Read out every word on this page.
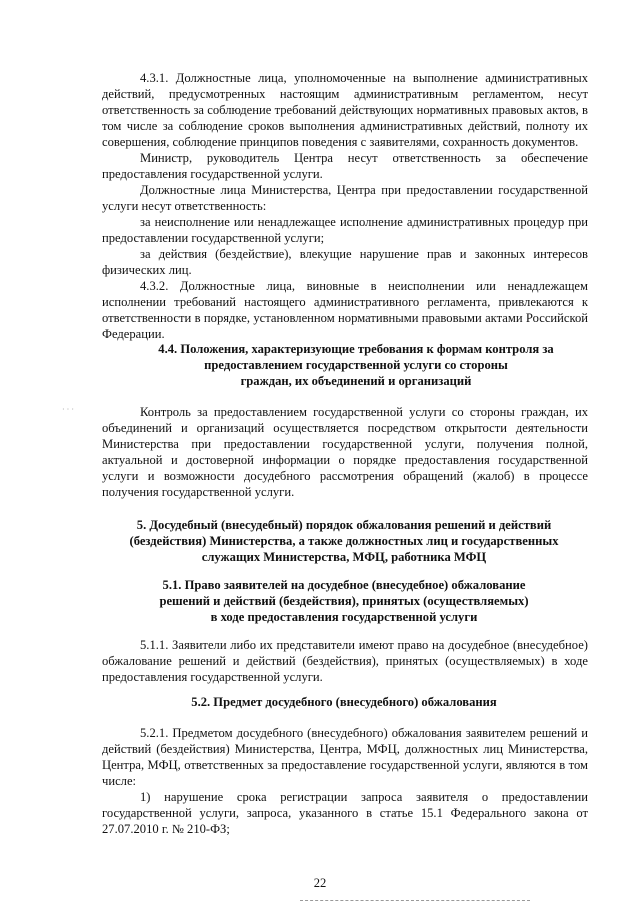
4.3.1. Должностные лица, уполномоченные на выполнение административных действий, предусмотренных настоящим административным регламентом, несут ответственность за соблюдение требований действующих нормативных правовых актов, в том числе за соблюдение сроков выполнения административных действий, полноту их совершения, соблюдение принципов поведения с заявителями, сохранность документов.

Министр, руководитель Центра несут ответственность за обеспечение предоставления государственной услуги.

Должностные лица Министерства, Центра при предоставлении государственной услуги несут ответственность:

за неисполнение или ненадлежащее исполнение административных процедур при предоставлении государственной услуги;

за действия (бездействие), влекущие нарушение прав и законных интересов физических лиц.

4.3.2. Должностные лица, виновные в неисполнении или ненадлежащем исполнении требований настоящего административного регламента, привлекаются к ответственности в порядке, установленном нормативными правовыми актами Российской Федерации.

4.4. Положения, характеризующие требования к формам контроля за

предоставлением государственной услуги со стороны

граждан, их объединений и организаций

· · ·	Контроль за предоставлением государственной услуги со стороны граждан, их объединений и организаций осуществляется посредством открытости деятельности Министерства при предоставлении государственной услуги, получения полной, актуальной и достоверной информации о порядке предоставления государственной услуги и возможности досудебного рассмотрения обращений (жалоб) в процессе получения государственной услуги.

5. Досудебный (внесудебный) порядок обжалования решений и действий

(бездействия) Министерства, а также должностных лиц и государственных

служащих Министерства, МФЦ, работника МФЦ

5.1. Право заявителей на досудебное (внесудебное) обжалование

решений и действий (бездействия), принятых (осуществляемых)

в ходе предоставления государственной услуги

5.1.1. Заявители либо их представители имеют право на досудебное (внесудебное) обжалование решений и действий (бездействия), принятых (осуществляемых) в ходе предоставления государственной услуги.

5.2. Предмет досудебного (внесудебного) обжалования

5.2.1. Предметом досудебного (внесудебного) обжалования заявителем решений и действий (бездействия) Министерства, Центра, МФЦ, должностных лиц Министерства, Центра, МФЦ, ответственных за предоставление государственной услуги, являются в том числе:

1) нарушение срока регистрации запроса заявителя о предоставлении государственной услуги, запроса, указанного в статье 15.1 Федерального закона от 27.07.2010 г. № 210-ФЗ;

22
